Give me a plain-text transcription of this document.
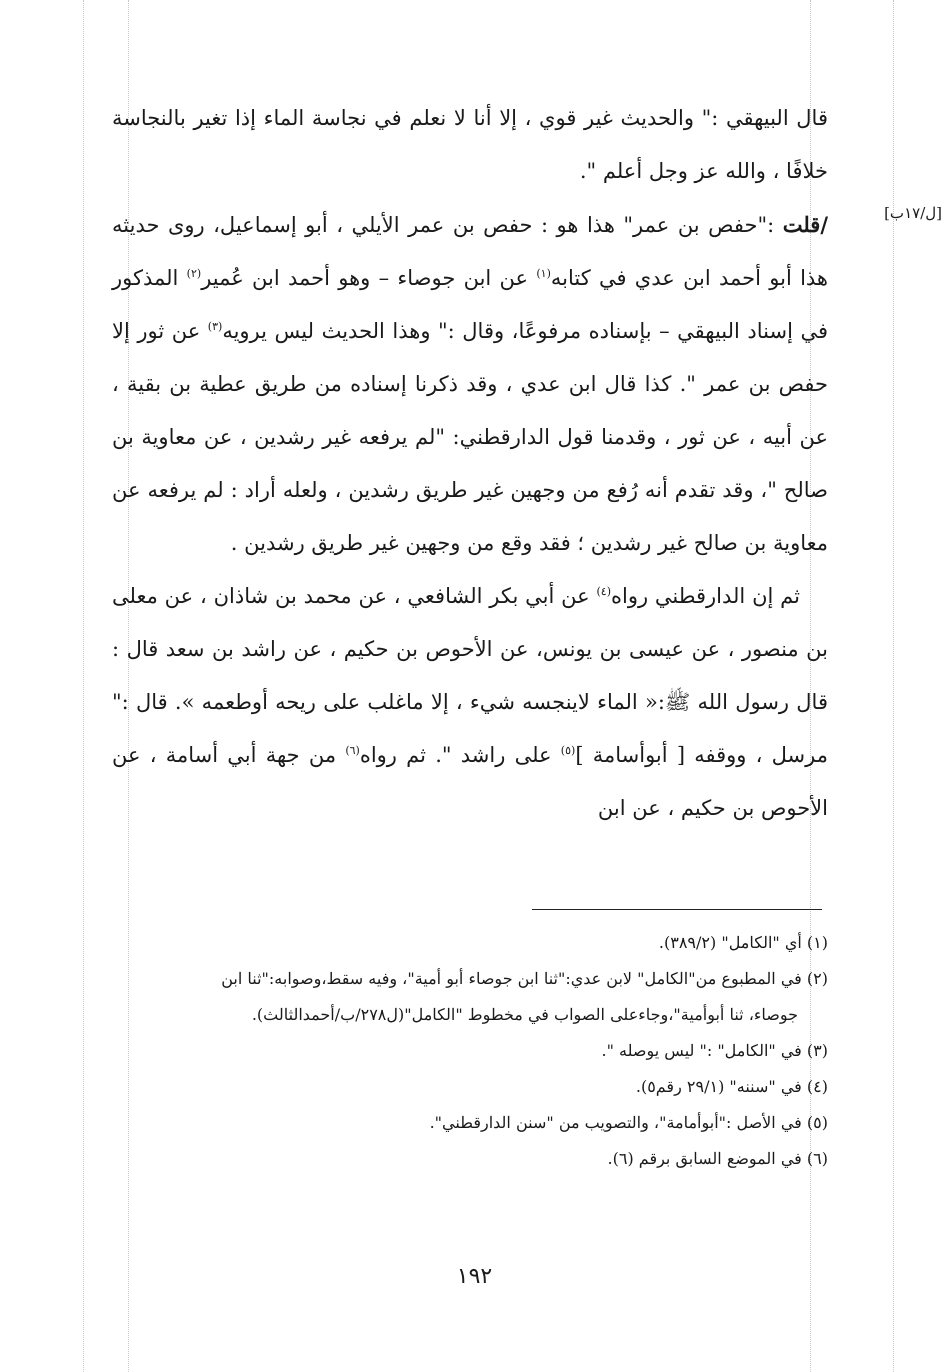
[ل/١٧ب]

قال البيهقي :" والحديث غير قوي ، إلا أنا لا نعلم في نجاسة الماء إذا تغير بالنجاسة خلافًا ، والله عز وجل أعلم ".

/قلت :"حفص بن عمر" هذا هو : حفص بن عمر الأيلي ، أبو إسماعيل، روى حديثه هذا أبو أحمد ابن عدي في كتابه$^{(١)}$ عن ابن جوصاء – وهو أحمد ابن عُمير$^{(٢)}$ المذكور في إسناد البيهقي – بإسناده مرفوعًا، وقال :" وهذا الحديث ليس يرويه$^{(٣)}$ عن ثور إلا حفص بن عمر ". كذا قال ابن عدي ، وقد ذكرنا إسناده من طريق عطية بن بقية ، عن أبيه ، عن ثور ، وقدمنا قول الدارقطني: "لم يرفعه غير رشدين ، عن معاوية بن صالح "، وقد تقدم أنه رُفع من وجهين غير طريق رشدين ، ولعله أراد : لم يرفعه عن معاوية بن صالح غير رشدين ؛ فقد وقع من وجهين غير طريق رشدين .

ثم إن الدارقطني رواه$^{(٤)}$ عن أبي بكر الشافعي ، عن محمد بن شاذان ، عن معلى بن منصور ، عن عيسى بن يونس، عن الأحوص بن حكيم ، عن راشد بن سعد قال : قال رسول الله ﷺ:« الماء لاينجسه شيء ، إلا ماغلب على ريحه أوطعمه ». قال :" مرسل ، ووقفه [ أبوأسامة ]$^{(٥)}$ على راشد ". ثم رواه$^{(٦)}$ من جهة أبي أسامة ، عن الأحوص بن حكيم ، عن ابن

(١) أي "الكامل" (٣٨٩/٢).

(٢) في المطبوع من"الكامل" لابن عدي:"ثنا ابن جوصاء أبو أمية"، وفيه سقط،وصوابه:"ثنا ابن

جوصاء، ثنا أبوأمية"،وجاءعلى الصواب في مخطوط "الكامل"(ل٢٧٨/ب/أحمدالثالث).

(٣) في "الكامل" :" ليس يوصله ".

(٤) في "سننه" (٢٩/١ رقم٥).

(٥) في الأصل :"أبوأمامة"، والتصويب من "سنن الدارقطني".

(٦) في الموضع السابق برقم (٦).

١٩٢
